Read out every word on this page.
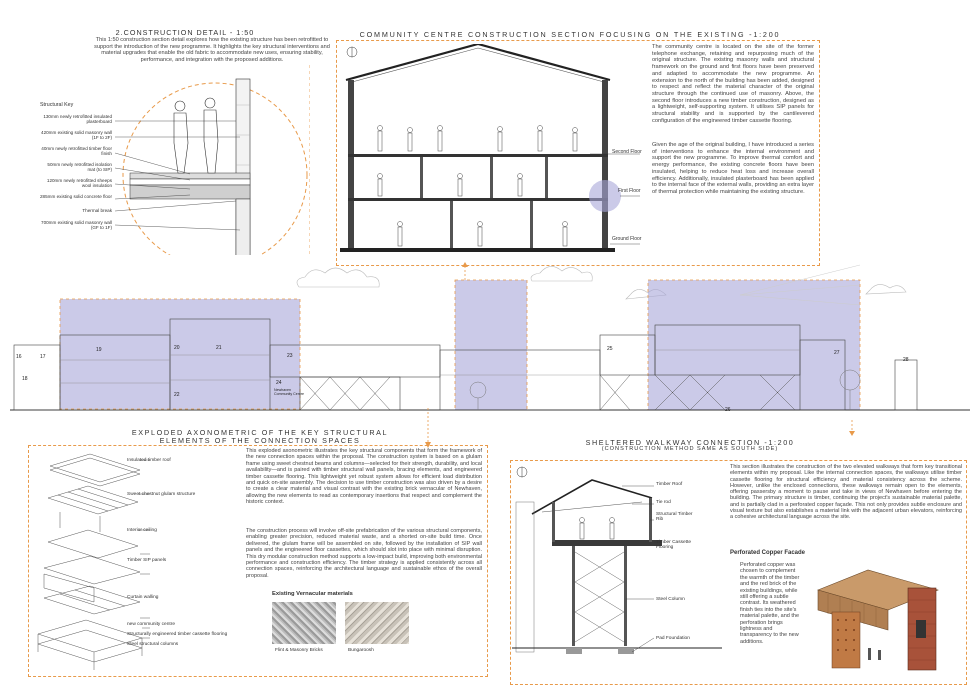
2.CONSTRUCTION DETAIL - 1:50
This 1:50 construction section detail explores how the existing structure has been retrofitted to support the introduction of the new programme. It highlights the key structural interventions and material upgrades that enable the old fabric to accommodate new uses, ensuring stability, performance, and integration with the proposed additions.
Structural Key
130mm newly retrofitted insulated plasterboard
420mm existing solid masonry wall (1F to 2F)
40mm newly retrofitted timber floor finish
50mm newly retrofitted isolation mat (to SIP)
120mm newly retrofitted sheeps wool insulation
285mm existing solid concrete floor
Thermal break
700mm existing solid masonry wall (GF to 1F)
COMMUNITY CENTRE CONSTRUCTION SECTION FOCUSING ON THE EXISTING -1:200
Second Floor
First Floor
Ground Floor
The community centre is located on the site of the former telephone exchange, retaining and repurposing much of the original structure. The existing masonry walls and structural framework on the ground and first floors have been preserved and adapted to accommodate the new programme. An extension to the north of the building has been added, designed to respect and reflect the material character of the original structure through the continued use of masonry. Above, the second floor introduces a new timber construction, designed as a lightweight, self-supporting system. It utilises SIP panels for structural stability and is supported by the cantilevered configuration of the engineered timber cassette flooring.
Given the age of the original building, I have introduced a series of interventions to enhance the internal environment and support the new programme. To improve thermal comfort and energy performance, the existing concrete floors have been insulated, helping to reduce heat loss and increase overall efficiency. Additionally, insulated plasterboard has been applied to the internal face of the external walls, providing an extra layer of thermal protection while maintaining the existing structure.
16	17
18
19	20	21
22
23
24
25
26
27
28
Newhaven Community Centre
EXPLODED AXONOMETRIC OF THE KEY STRUCTURAL
ELEMENTS OF THE CONNECTION SPACES
Insulated timber roof
Sweet chestnut glulam structure
Interior ceiling
Timber SIP panels
Curtain walling
new community centre
Structurally engineered timber cassette flooring
Steel structural columns
This exploded axonometric illustrates the key structural components that form the framework of the new connection spaces within the proposal. The construction system is based on a glulam frame using sweet chestnut beams and columns—selected for their strength, durability, and local availability—and is paired with timber structural wall panels, bracing elements, and engineered timber cassette flooring. This lightweight yet robust system allows for efficient load distribution and quick on-site assembly. The decision to use timber construction was also driven by a desire to create a clear material and visual contrast with the existing brick vernacular of Newhaven, allowing the new elements to read as contemporary insertions that respect and complement the historic context.
The construction process will involve off-site prefabrication of the various structural components, enabling greater precision, reduced material waste, and a shorted on-site build time. Once delivered, the glulam frame will be assembled on site, followed by the installation of SIP wall panels and the engineered floor cassettes, which should slot into place with minimal disruption. This dry modular construction method supports a low-impact build, improving both environmental performance and construction efficiency. The timber strategy is applied consistently across all connection spaces, reinforcing the architectural language and sustainable ethos of the overall proposal.
Existing Vernacular materials
Flint & Masonry Bricks	Bungaroosh
SHELTERED WALKWAY CONNECTION -1:200
(CONSTRUCTION METHOD SAME AS SOUTH SIDE)
Timber Roof
Tie rod
Structural Timber Rib
Timber Cassette Flooring
Steel Column
Pad Foundation
This section illustrates the construction of the two elevated walkways that form key transitional elements within my proposal. Like the internal connection spaces, the walkways utilise timber cassette flooring for structural efficiency and material consistency across the scheme. However, unlike the enclosed connections, these walkways remain open to the elements, offering passersby a moment to pause and take in views of Newhaven before entering the building. The primary structure is timber, continuing the project's sustainable material palette, and is partially clad in a perforated copper façade. This not only provides subtle enclosure and visual texture but also establishes a material link with the adjacent urban elevators, reinforcing a cohesive architectural language across the site.
Perforated Copper Facade
Perforated copper was chosen to complement the warmth of the timber and the red brick of the existing buildings, while still offering a subtle contrast. Its weathered finish ties into the site's material palette, and the perforation brings lightness and transparency to the new additions.
